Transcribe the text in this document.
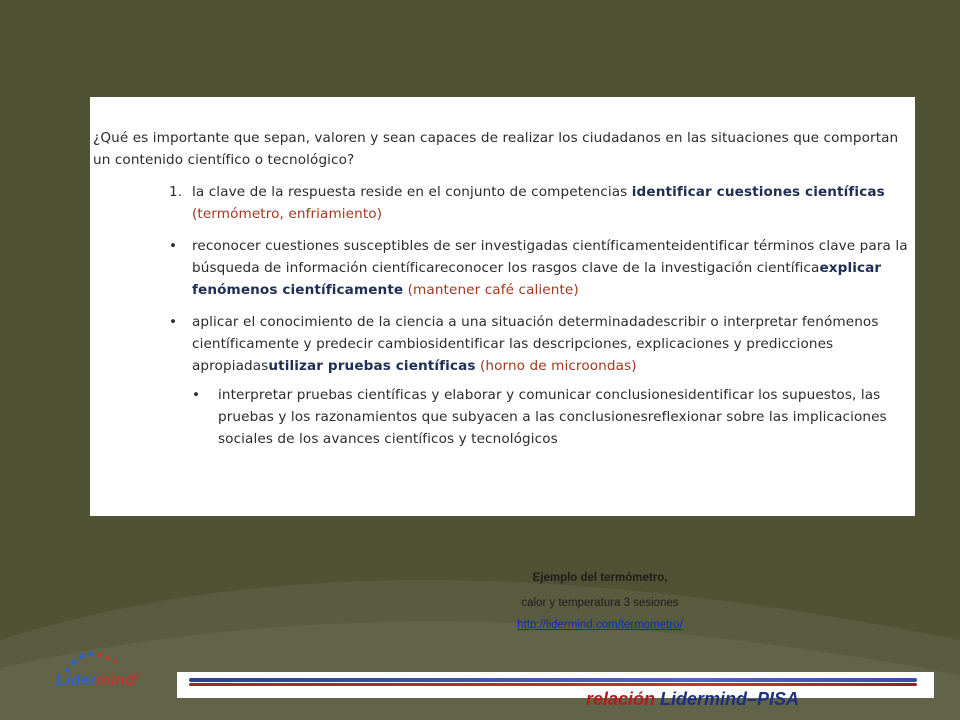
¿Qué es importante que sepan, valoren y sean capaces de realizar los ciudadanos en las situaciones que comportan un contenido científico o tecnológico?

1. la clave de la respuesta reside en el conjunto de competencias identificar cuestiones científicas (termómetro, enfriamiento)
• reconocer cuestiones susceptibles de ser investigadas científicamenteidentificar términos clave para la búsqueda de información científicareconocer los rasgos clave de la investigación científicaexplicar fenómenos científicamente (mantener café caliente)
• aplicar el conocimiento de la ciencia a una situación determinadadescribir o interpretar fenómenos científicamente y predecir cambiosidentificar las descripciones, explicaciones y predicciones apropiadasutilizar pruebas científicas (horno de microondas)
• interpretar pruebas científicas y elaborar y comunicar conclusionesidentificar los supuestos, las pruebas y los razonamientos que subyacen a las conclusionesreflexionar sobre las implicaciones sociales de los avances científicos y tecnológicos
Ejemplo del termómetro,
calor y temperatura 3 sesiones
http://lidermind.com/termometro/
Lidermind®
relación Lidermind–PISA
